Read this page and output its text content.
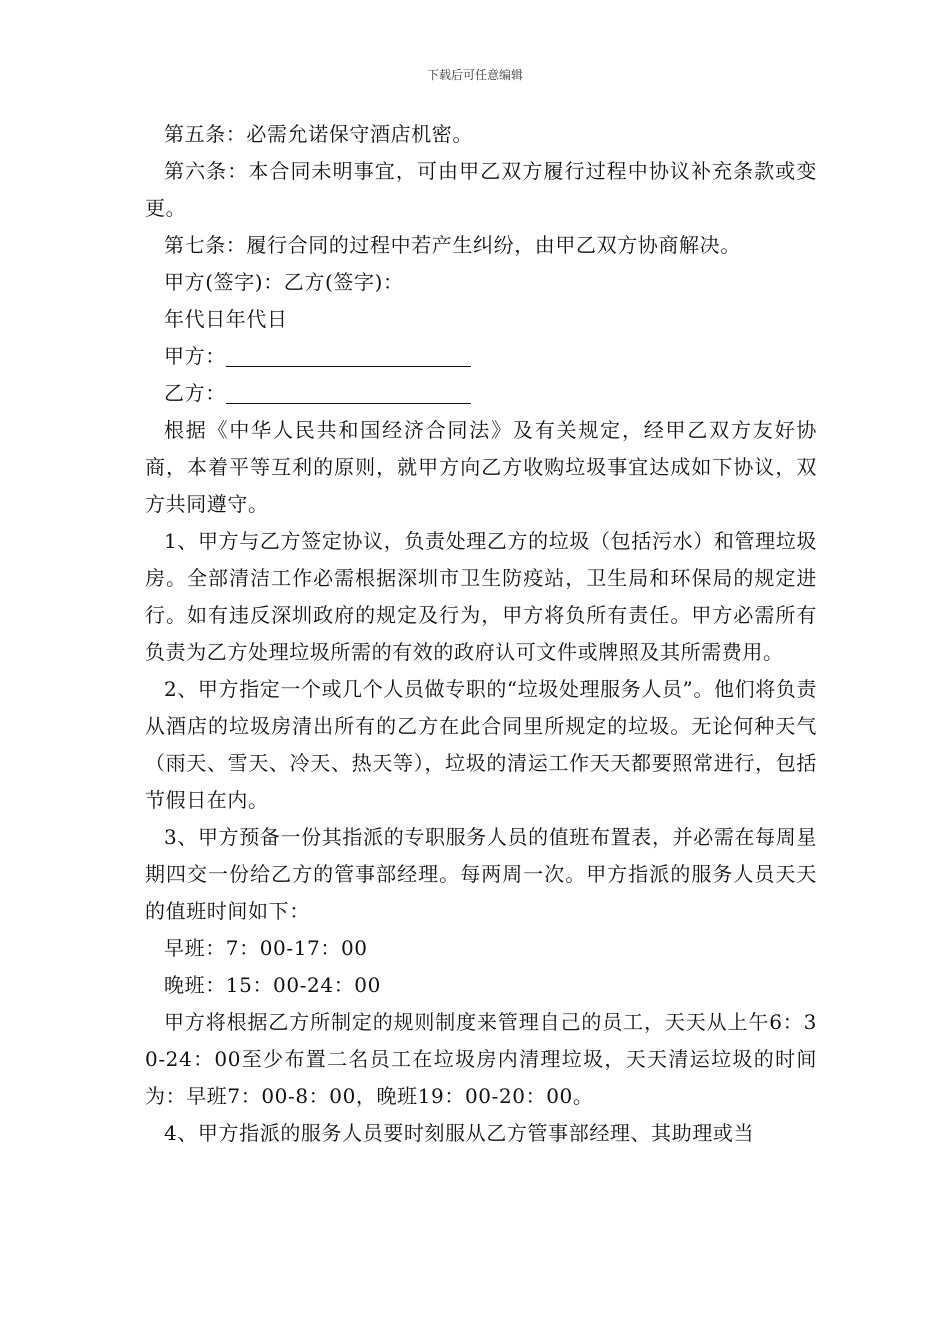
下载后可任意编辑

第五条：必需允诺保守酒店机密。

第六条：本合同未明事宜，可由甲乙双方履行过程中协议补充条款或变更。

第七条：履行合同的过程中若产生纠纷，由甲乙双方协商解决。

甲方(签字)：乙方(签字)：

年代日年代日

甲方：

乙方：

根据《中华人民共和国经济合同法》及有关规定，经甲乙双方友好协商，本着平等互利的原则，就甲方向乙方收购垃圾事宜达成如下协议，双方共同遵守。

1、甲方与乙方签定协议，负责处理乙方的垃圾（包括污水）和管理垃圾房。全部清洁工作必需根据深圳市卫生防疫站，卫生局和环保局的规定进行。如有违反深圳政府的规定及行为，甲方将负所有责任。甲方必需所有负责为乙方处理垃圾所需的有效的政府认可文件或牌照及其所需费用。

2、甲方指定一个或几个人员做专职的“垃圾处理服务人员”。他们将负责从酒店的垃圾房清出所有的乙方在此合同里所规定的垃圾。无论何种天气（雨天、雪天、冷天、热天等），垃圾的清运工作天天都要照常进行，包括节假日在内。

3、甲方预备一份其指派的专职服务人员的值班布置表，并必需在每周星期四交一份给乙方的管事部经理。每两周一次。甲方指派的服务人员天天的值班时间如下：

早班：7：00-17：00

晚班：15：00-24：00

甲方将根据乙方所制定的规则制度来管理自己的员工，天天从上午6：30-24：00至少布置二名员工在垃圾房内清理垃圾，天天清运垃圾的时间为：早班7：00-8：00，晚班19：00-20：00。

4、甲方指派的服务人员要时刻服从乙方管事部经理、其助理或当
